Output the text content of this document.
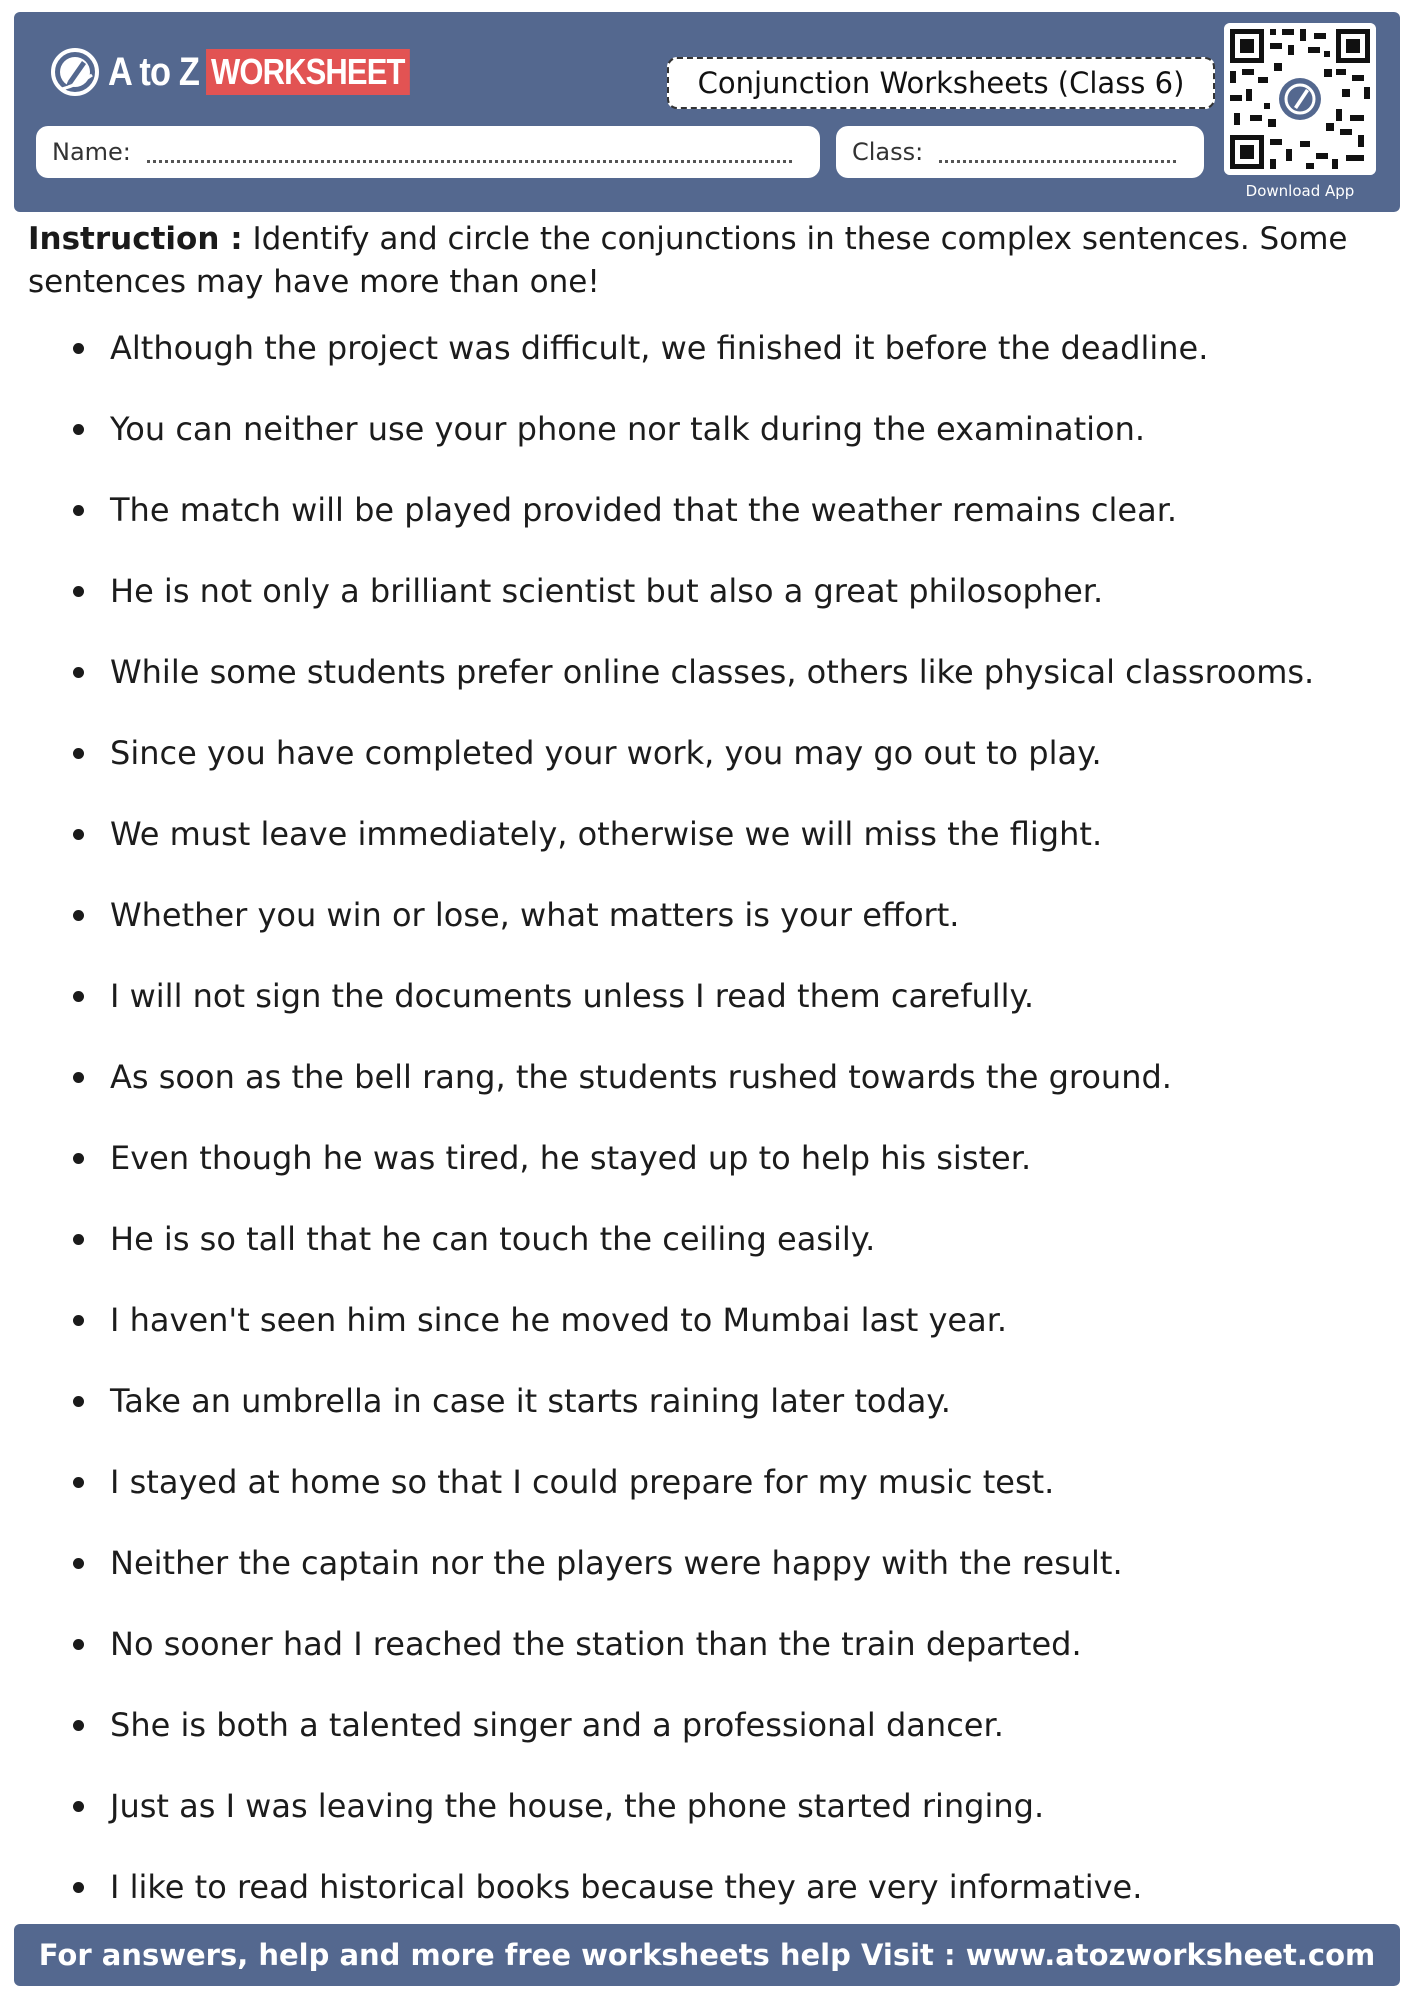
A to Z WORKSHEET	Conjunction Worksheets (Class 6)
Name:	Class:
Download App
Instruction : Identify and circle the conjunctions in these complex sentences. Some sentences may have more than one!
Although the project was difficult, we finished it before the deadline.
You can neither use your phone nor talk during the examination.
The match will be played provided that the weather remains clear.
He is not only a brilliant scientist but also a great philosopher.
While some students prefer online classes, others like physical classrooms.
Since you have completed your work, you may go out to play.
We must leave immediately, otherwise we will miss the flight.
Whether you win or lose, what matters is your effort.
I will not sign the documents unless I read them carefully.
As soon as the bell rang, the students rushed towards the ground.
Even though he was tired, he stayed up to help his sister.
He is so tall that he can touch the ceiling easily.
I haven't seen him since he moved to Mumbai last year.
Take an umbrella in case it starts raining later today.
I stayed at home so that I could prepare for my music test.
Neither the captain nor the players were happy with the result.
No sooner had I reached the station than the train departed.
She is both a talented singer and a professional dancer.
Just as I was leaving the house, the phone started ringing.
I like to read historical books because they are very informative.
For answers, help and more free worksheets help Visit : www.atozworksheet.com
